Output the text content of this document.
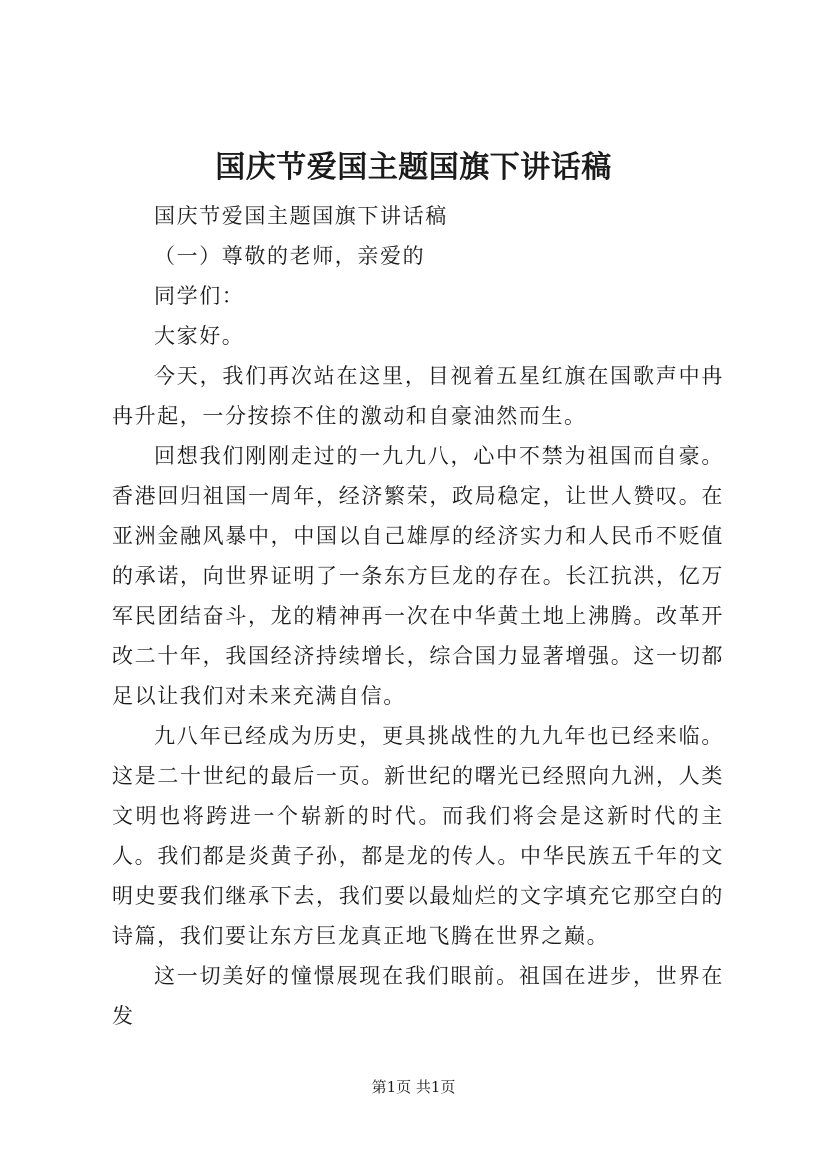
国庆节爱国主题国旗下讲话稿

国庆节爱国主题国旗下讲话稿

（一）尊敬的老师，亲爱的

同学们：

大家好。

今天，我们再次站在这里，目视着五星红旗在国歌声中冉冉升起，一分按捺不住的激动和自豪油然而生。

回想我们刚刚走过的一九九八，心中不禁为祖国而自豪。香港回归祖国一周年，经济繁荣，政局稳定，让世人赞叹。在亚洲金融风暴中，中国以自己雄厚的经济实力和人民币不贬值的承诺，向世界证明了一条东方巨龙的存在。长江抗洪，亿万军民团结奋斗，龙的精神再一次在中华黄土地上沸腾。改革开改二十年，我国经济持续增长，综合国力显著增强。这一切都足以让我们对未来充满自信。

九八年已经成为历史，更具挑战性的九九年也已经来临。这是二十世纪的最后一页。新世纪的曙光已经照向九洲，人类文明也将跨进一个崭新的时代。而我们将会是这新时代的主人。我们都是炎黄子孙，都是龙的传人。中华民族五千年的文明史要我们继承下去，我们要以最灿烂的文字填充它那空白的诗篇，我们要让东方巨龙真正地飞腾在世界之巅。

这一切美好的憧憬展现在我们眼前。祖国在进步，世界在发

第1页 共1页
